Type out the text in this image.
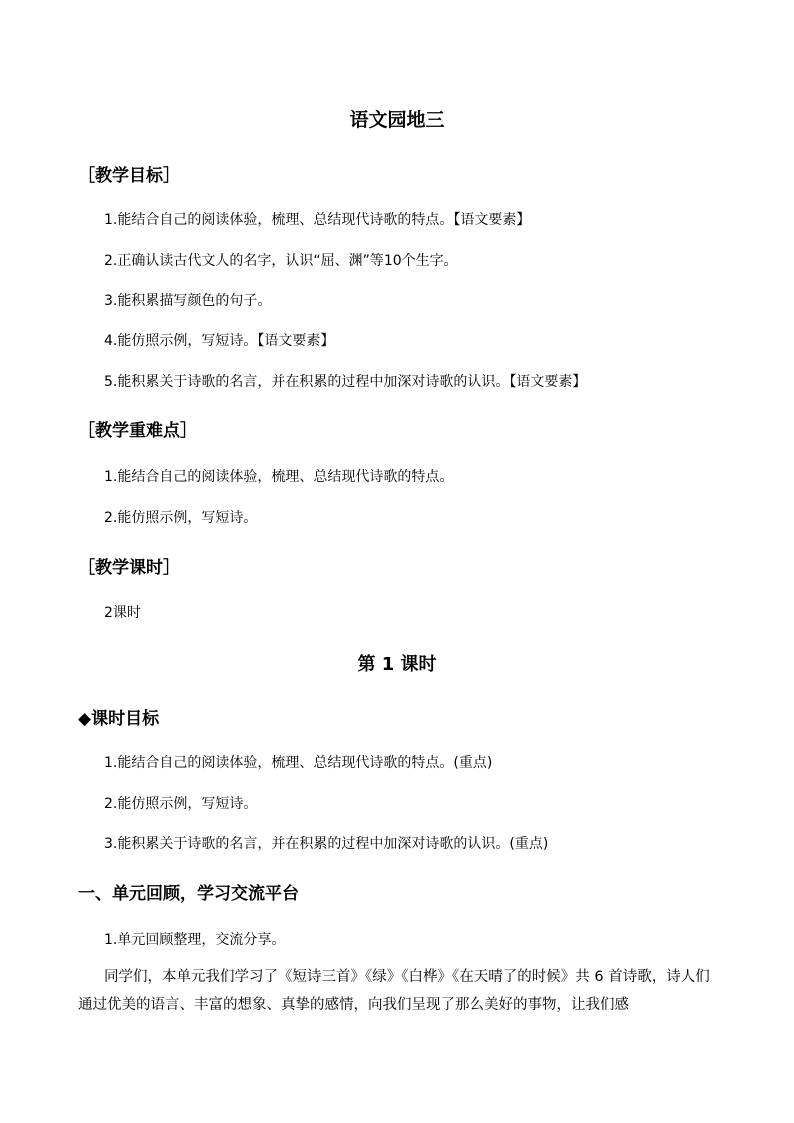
语文园地三
［教学目标］
1.能结合自己的阅读体验，梳理、总结现代诗歌的特点。【语文要素】
2.正确认读古代文人的名字，认识“屈、渊”等10个生字。
3.能积累描写颜色的句子。
4.能仿照示例，写短诗。【语文要素】
5.能积累关于诗歌的名言，并在积累的过程中加深对诗歌的认识。【语文要素】
［教学重难点］
1.能结合自己的阅读体验，梳理、总结现代诗歌的特点。
2.能仿照示例，写短诗。
［教学课时］
2课时
第 1 课时
◆课时目标
1.能结合自己的阅读体验，梳理、总结现代诗歌的特点。(重点)
2.能仿照示例，写短诗。
3.能积累关于诗歌的名言，并在积累的过程中加深对诗歌的认识。(重点)
一、单元回顾，学习交流平台
1.单元回顾整理，交流分享。
同学们，本单元我们学习了《短诗三首》《绿》《白桦》《在天晴了的时候》共 6 首诗歌，诗人们通过优美的语言、丰富的想象、真挚的感情，向我们呈现了那么美好的事物，让我们感
